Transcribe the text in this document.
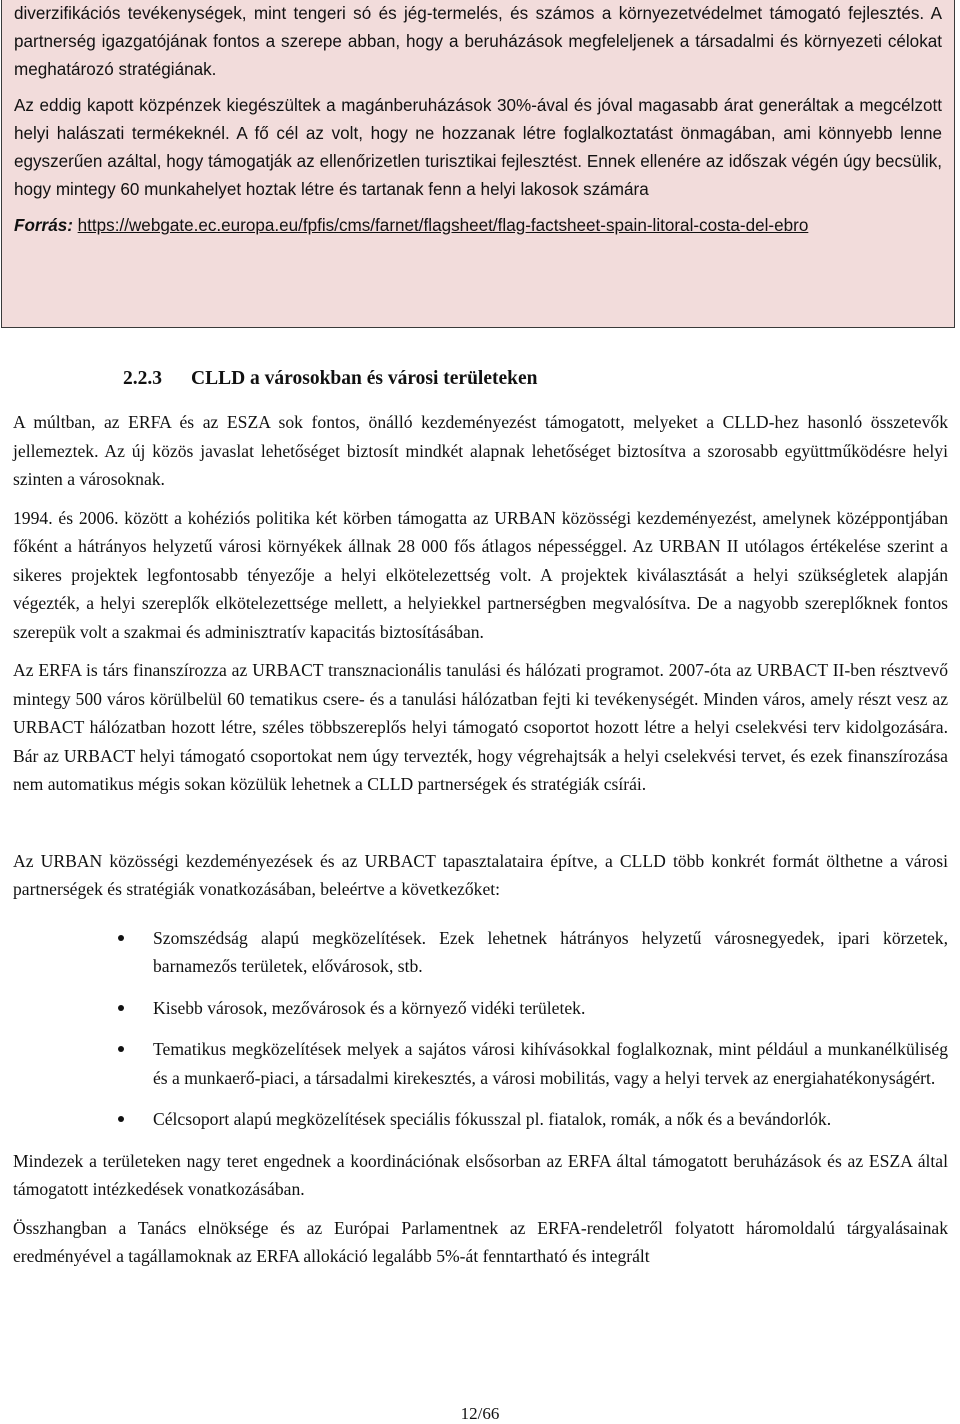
diverzifikációs tevékenységek, mint tengeri só és jég-termelés, és számos a környezetvédelmet támogató fejlesztés. A partnerség igazgatójának fontos a szerepe abban, hogy a beruházások megfeleljenek a társadalmi és környezeti célokat meghatározó stratégiának.

Az eddig kapott közpénzek kiegészültek a magánberuházások 30%-ával és jóval magasabb árat generáltak a megcélzott helyi halászati termékeknél. A fő cél az volt, hogy ne hozzanak létre foglalkoztatást önmagában, ami könnyebb lenne egyszerűen azáltal, hogy támogatják az ellenőrizetlen turisztikai fejlesztést. Ennek ellenére az időszak végén úgy becsülik, hogy mintegy 60 munkahelyet hoztak létre és tartanak fenn a helyi lakosok számára

Forrás: https://webgate.ec.europa.eu/fpfis/cms/farnet/flagsheet/flag-factsheet-spain-litoral-costa-del-ebro

2.2.3 CLLD a városokban és városi területeken

A múltban, az ERFA és az ESZA sok fontos, önálló kezdeményezést támogatott, melyeket a CLLD-hez hasonló összetevők jellemeztek. Az új közös javaslat lehetőséget biztosít mindkét alapnak lehetőséget biztosítva a szorosabb együttműködésre helyi szinten a városoknak.

1994. és 2006. között a kohéziós politika két körben támogatta az URBAN közösségi kezdeményezést, amelynek középpontjában főként a hátrányos helyzetű városi környékek állnak 28 000 fős átlagos népességgel. Az URBAN II utólagos értékelése szerint a sikeres projektek legfontosabb tényezője a helyi elkötelezettség volt. A projektek kiválasztását a helyi szükségletek alapján végezték, a helyi szereplők elkötelezettsége mellett, a helyiekkel partnerségben megvalósítva. De a nagyobb szereplőknek fontos szerepük volt a szakmai és adminisztratív kapacitás biztosításában.

Az ERFA is társ finanszírozza az URBACT transznacionális tanulási és hálózati programot. 2007-óta az URBACT II-ben résztvevő mintegy 500 város körülbelül 60 tematikus csere- és a tanulási hálózatban fejti ki tevékenységét. Minden város, amely részt vesz az URBACT hálózatban hozott létre, széles többszereplős helyi támogató csoportot hozott létre a helyi cselekvési terv kidolgozására. Bár az URBACT helyi támogató csoportokat nem úgy tervezték, hogy végrehajtsák a helyi cselekvési tervet, és ezek finanszírozása nem automatikus mégis sokan közülük lehetnek a CLLD partnerségek és stratégiák csírái.

Az URBAN közösségi kezdeményezések és az URBACT tapasztalataira építve, a CLLD több konkrét formát ölthetne a városi partnerségek és stratégiák vonatkozásában, beleértve a következőket:

Szomszédság alapú megközelítések. Ezek lehetnek hátrányos helyzetű városnegyedek, ipari körzetek, barnamezős területek, elővárosok, stb.
Kisebb városok, mezővárosok és a környező vidéki területek.
Tematikus megközelítések melyek a sajátos városi kihívásokkal foglalkoznak, mint például a munkanélküliség és a munkaerő-piaci, a társadalmi kirekesztés, a városi mobilitás, vagy a helyi tervek az energiahatékonyságért.
Célcsoport alapú megközelítések speciális fókusszal pl. fiatalok, romák, a nők és a bevándorlók.

Mindezek a területeken nagy teret engednek a koordinációnak elsősorban az ERFA által támogatott beruházások és az ESZA által támogatott intézkedések vonatkozásában.

Összhangban a Tanács elnöksége és az Európai Parlamentnek az ERFA-rendeletről folyatott háromoldalú tárgyalásainak eredményével a tagállamoknak az ERFA allokáció legalább 5%-át fenntartható és integrált

12/66
